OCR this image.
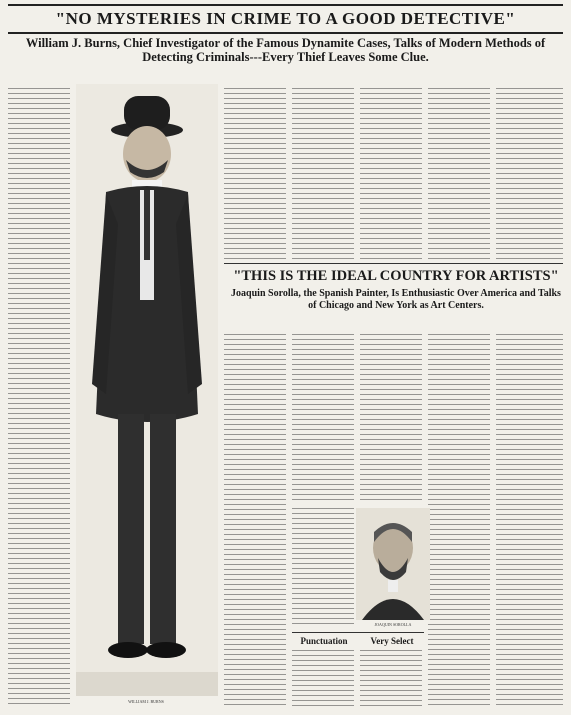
"NO MYSTERIES IN CRIME TO A GOOD DETECTIVE"
William J. Burns, Chief Investigator of the Famous Dynamite Cases, Talks of Modern Methods of Detecting Criminals---Every Thief Leaves Some Clue.
WILLIAM J. BURNS
"THIS IS THE IDEAL COUNTRY FOR ARTISTS"
Joaquin Sorolla, the Spanish Painter, Is Enthusiastic Over America and Talks of Chicago and New York as Art Centers.
JOAQUIN SOROLLA
Punctuation	Very Select
